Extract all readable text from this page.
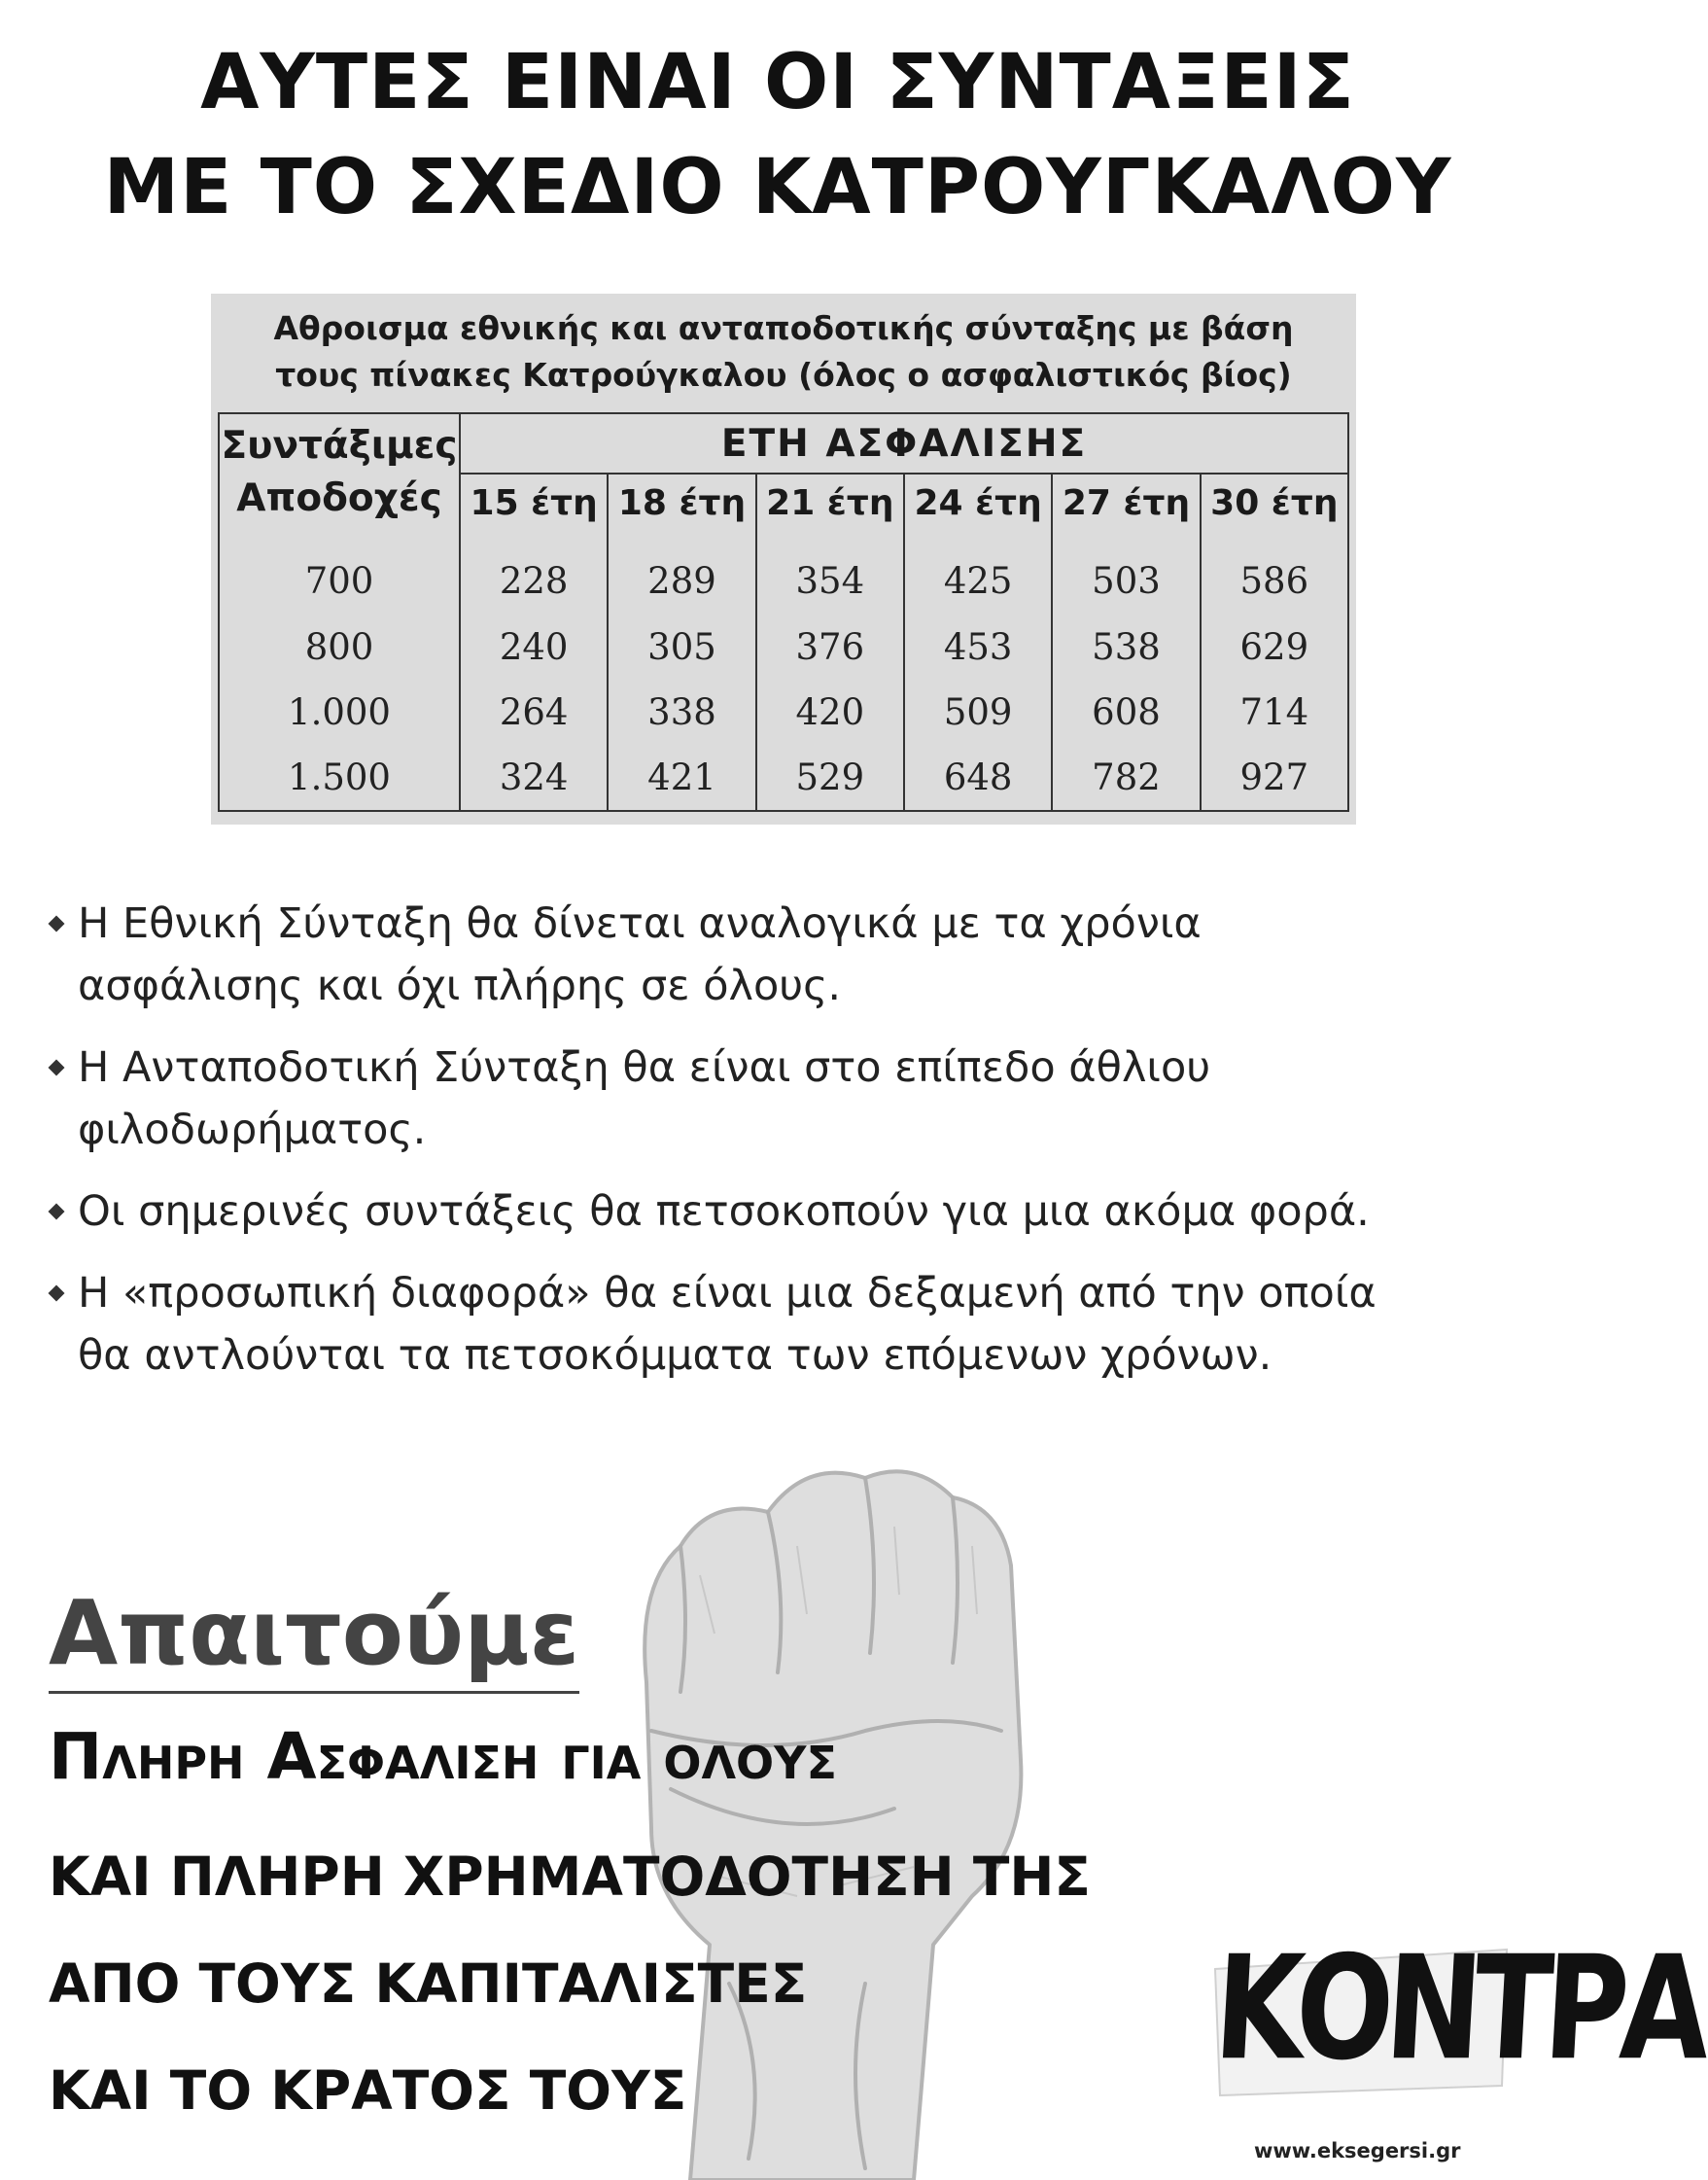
ΑΥΤΕΣ ΕΙΝΑΙ ΟΙ ΣΥΝΤΑΞΕΙΣ
ΜΕ ΤΟ ΣΧΕΔΙΟ ΚΑΤΡΟΥΓΚΑΛΟΥ
Αθροισμα εθνικής και ανταποδοτικής σύνταξης με βάση
τους πίνακες Κατρούγκαλου (όλος ο ασφαλιστικός βίος)
Συντάξιμες
Αποδοχές	ΕΤΗ ΑΣΦΑΛΙΣΗΣ					
	15 έτη	18 έτη	21 έτη	24 έτη	27 έτη	30 έτη
700	228	289	354	425	503	586
800	240	305	376	453	538	629
1.000	264	338	420	509	608	714
1.500	324	421	529	648	782	927
Η Εθνική Σύνταξη θα δίνεται αναλογικά με τα χρόνια
ασφάλισης και όχι πλήρης σε όλους.
Η Ανταποδοτική Σύνταξη θα είναι στο επίπεδο άθλιου
φιλοδωρήματος.
Οι σημερινές συντάξεις θα πετσοκοπούν για μια ακόμα φορά.
Η «προσωπική διαφορά» θα είναι μια δεξαμενή από την οποία
θα αντλούνται τα πετσοκόμματα των επόμενων χρόνων.
Απαιτούμε

Πληρη Ασφαλιση για ολους

ΚΑΙ ΠΛΗΡΗ ΧΡΗΜΑΤΟΔΟΤΗΣΗ ΤΗΣ

ΑΠΟ ΤΟΥΣ ΚΑΠΙΤΑΛΙΣΤΕΣ

ΚΑΙ ΤΟ ΚΡΑΤΟΣ ΤΟΥΣ	ΚΟΝΤΡΑ
www.eksegersi.gr
